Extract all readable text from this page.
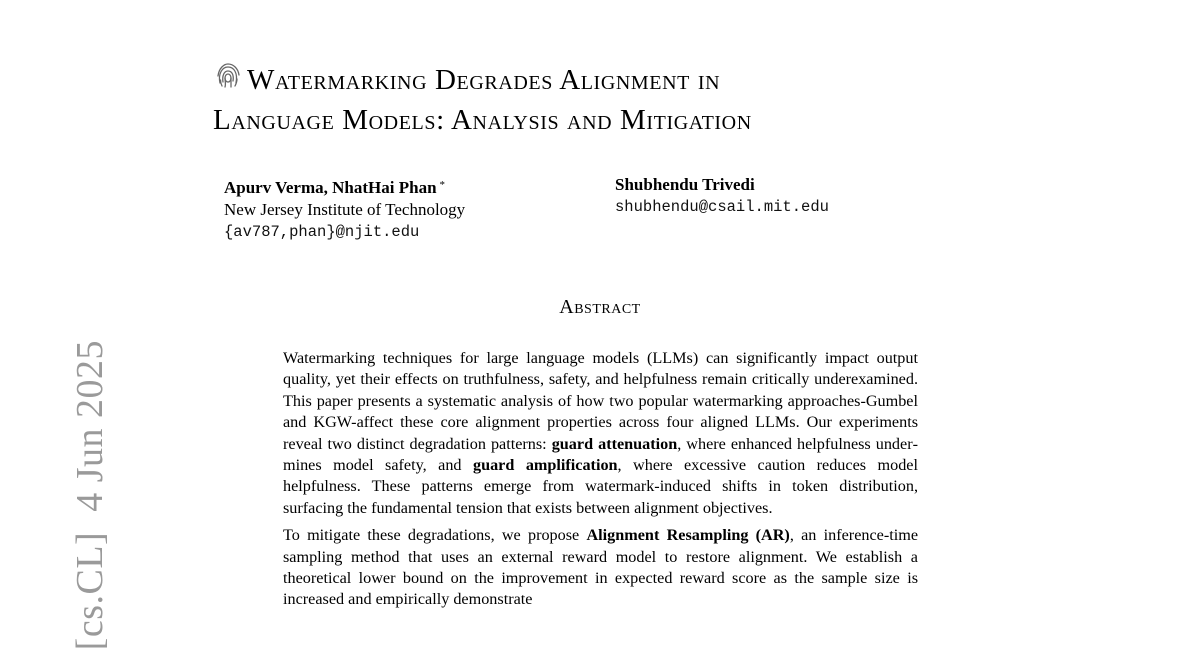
[cs.CL]  4 Jun 2025
Watermarking Degrades Alignment in
Language Models: Analysis and Mitigation
Apurv Verma, NhatHai Phan *
New Jersey Institute of Technology
{av787,phan}@njit.edu
Shubhendu Trivedi
shubhendu@csail.mit.edu
Abstract

Watermarking techniques for large language models (LLMs) can significantly impact output quality, yet their effects on truthfulness, safety, and helpfulness remain critically underexamined. This paper presents a systematic analysis of how two popular watermarking approaches-Gumbel and KGW-affect these core alignment properties across four aligned LLMs. Our experiments reveal two distinct degradation patterns: guard attenuation, where enhanced helpfulness undermines model safety, and guard amplification, where excessive caution reduces model helpfulness. These patterns emerge from watermark-induced shifts in token distribution, surfacing the fundamental tension that exists between alignment objectives.

To mitigate these degradations, we propose Alignment Resampling (AR), an inference-time sampling method that uses an external reward model to restore alignment. We establish a theoretical lower bound on the improvement in expected reward score as the sample size is increased and empirically demonstrate
